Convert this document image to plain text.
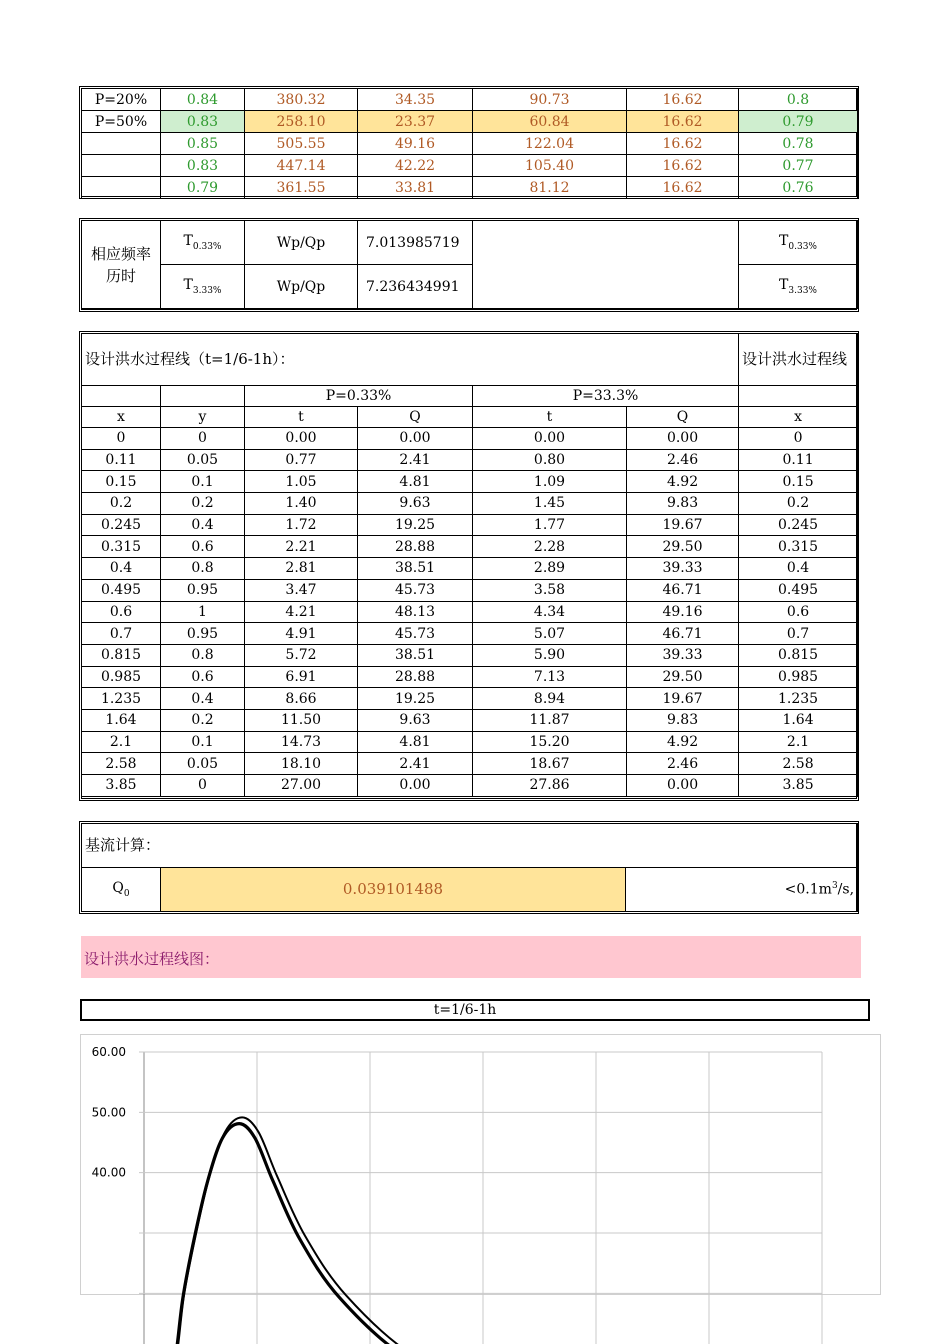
P=20%	0.84	380.32	34.35	90.73	16.62	0.8
P=50%	0.83	258.10	23.37	60.84	16.62	0.79
	0.85	505.55	49.16	122.04	16.62	0.78
	0.83	447.14	42.22	105.40	16.62	0.77
	0.79	361.55	33.81	81.12	16.62	0.76
相应频率
历时	$T_{0.33\%}$	Wp/Qp	7.013985719		$T_{0.33\%}$
	$T_{3.33\%}$	Wp/Qp	7.236434991		$T_{3.33\%}$
设计洪水过程线（t=1/6-1h）：						设计洪水过程线
		P=0.33%		P=33.3%		
x	y	t	Q	t	Q	x
0	0	0.00	0.00	0.00	0.00	0
0.11	0.05	0.77	2.41	0.80	2.46	0.11
0.15	0.1	1.05	4.81	1.09	4.92	0.15
0.2	0.2	1.40	9.63	1.45	9.83	0.2
0.245	0.4	1.72	19.25	1.77	19.67	0.245
0.315	0.6	2.21	28.88	2.28	29.50	0.315
0.4	0.8	2.81	38.51	2.89	39.33	0.4
0.495	0.95	3.47	45.73	3.58	46.71	0.495
0.6	1	4.21	48.13	4.34	49.16	0.6
0.7	0.95	4.91	45.73	5.07	46.71	0.7
0.815	0.8	5.72	38.51	5.90	39.33	0.815
0.985	0.6	6.91	28.88	7.13	29.50	0.985
1.235	0.4	8.66	19.25	8.94	19.67	1.235
1.64	0.2	11.50	9.63	11.87	9.83	1.64
2.1	0.1	14.73	4.81	15.20	4.92	2.1
2.58	0.05	18.10	2.41	18.67	2.46	2.58
3.85	0	27.00	0.00	27.86	0.00	3.85
基流计算：
$Q_0$	0.039101488	$<0.1m^3/s$,
设计洪水过程线图：
t=1/6-1h
60.00
50.00
40.00
